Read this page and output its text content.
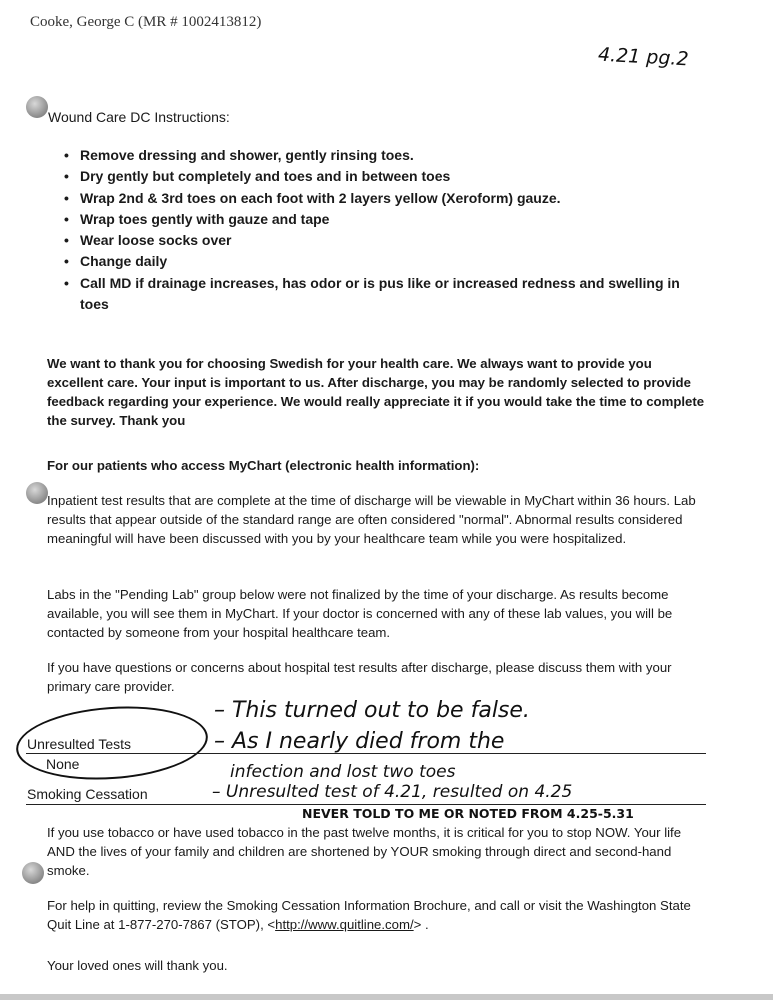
Cooke, George C (MR # 1002413812)
4.21 pg.2
Wound Care DC Instructions:
• Remove dressing and shower, gently rinsing toes.
• Dry gently but completely and toes and in between toes
• Wrap 2nd & 3rd toes on each foot with 2 layers yellow (Xeroform) gauze.
• Wrap toes gently with gauze and tape
• Wear loose socks over
• Change daily
• Call MD if drainage increases, has odor or is pus like or increased redness and swelling in toes

We want to thank you for choosing Swedish for your health care. We always want to provide you excellent care. Your input is important to us. After discharge, you may be randomly selected to provide feedback regarding your experience. We would really appreciate it if you would take the time to complete the survey. Thank you

For our patients who access MyChart (electronic health information):

Inpatient test results that are complete at the time of discharge will be viewable in MyChart within 36 hours. Lab results that appear outside of the standard range are often considered "normal". Abnormal results considered meaningful will have been discussed with you by your healthcare team while you were hospitalized.

Labs in the "Pending Lab" group below were not finalized by the time of your discharge. As results become available, you will see them in MyChart. If your doctor is concerned with any of these lab values, you will be contacted by someone from your hospital healthcare team.

If you have questions or concerns about hospital test results after discharge, please discuss them with your primary care provider.

Unresulted Tests
None
– This turned out to be false.
– As I nearly died from the
infection and lost two toes
– Unresulted test of 4.21, resulted on 4.25
NEVER TOLD TO ME OR NOTED FROM 4.25-5.31
Smoking Cessation

If you use tobacco or have used tobacco in the past twelve months, it is critical for you to stop NOW. Your life AND the lives of your family and children are shortened by YOUR smoking through direct and second-hand smoke.

For help in quitting, review the Smoking Cessation Information Brochure, and call or visit the Washington State Quit Line at 1-877-270-7867 (STOP), <http://www.quitline.com/> .

Your loved ones will thank you.
